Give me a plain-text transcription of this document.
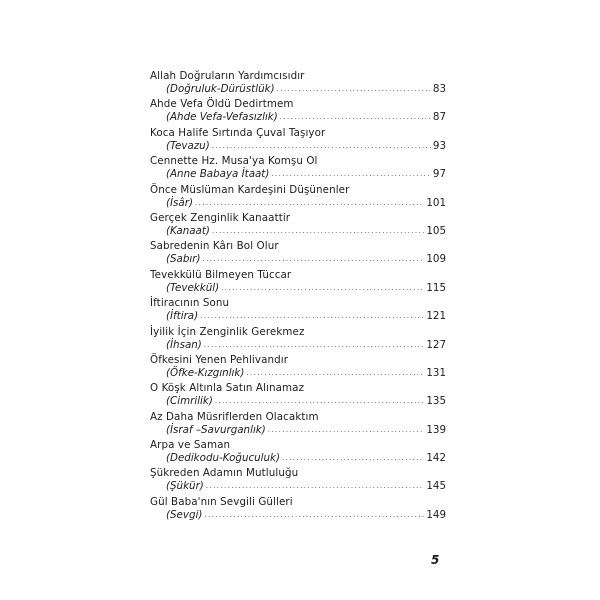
Allah Doğruların Yardımcısıdır
(Doğruluk-Dürüstlük) .....	83
Ahde Vefa Öldü Dedirtmem
(Ahde Vefa-Vefasızlık) .....	87
Koca Halife Sırtında Çuval Taşıyor
(Tevazu) .....	93
Cennette Hz. Musa'ya Komşu Ol
(Anne Babaya İtaat) .....	97
Önce Müslüman Kardeşini Düşünenler
(İsâr) .....	101
Gerçek Zenginlik Kanaattir
(Kanaat) .....	105
Sabredenin Kârı Bol Olur
(Sabır) .....	109
Tevekkülü Bilmeyen Tüccar
(Tevekkül) .....	115
İftiracının Sonu
(İftira) .....	121
İyilik İçin Zenginlik Gerekmez
(İhsan) .....	127
Öfkesini Yenen Pehlivandır
(Öfke-Kızgınlık) .....	131
O Köşk Altınla Satın Alınamaz
(Cimrilik) .....	135
Az Daha Müsriflerden Olacaktım
(İsraf –Savurganlık) .....	139
Arpa ve Saman
(Dedikodu-Koğuculuk) .....	142
Şükreden Adamın Mutluluğu
(Şükür) .....	145
Gül Baba'nın Sevgili Gülleri
(Sevgi) .....	149
5
